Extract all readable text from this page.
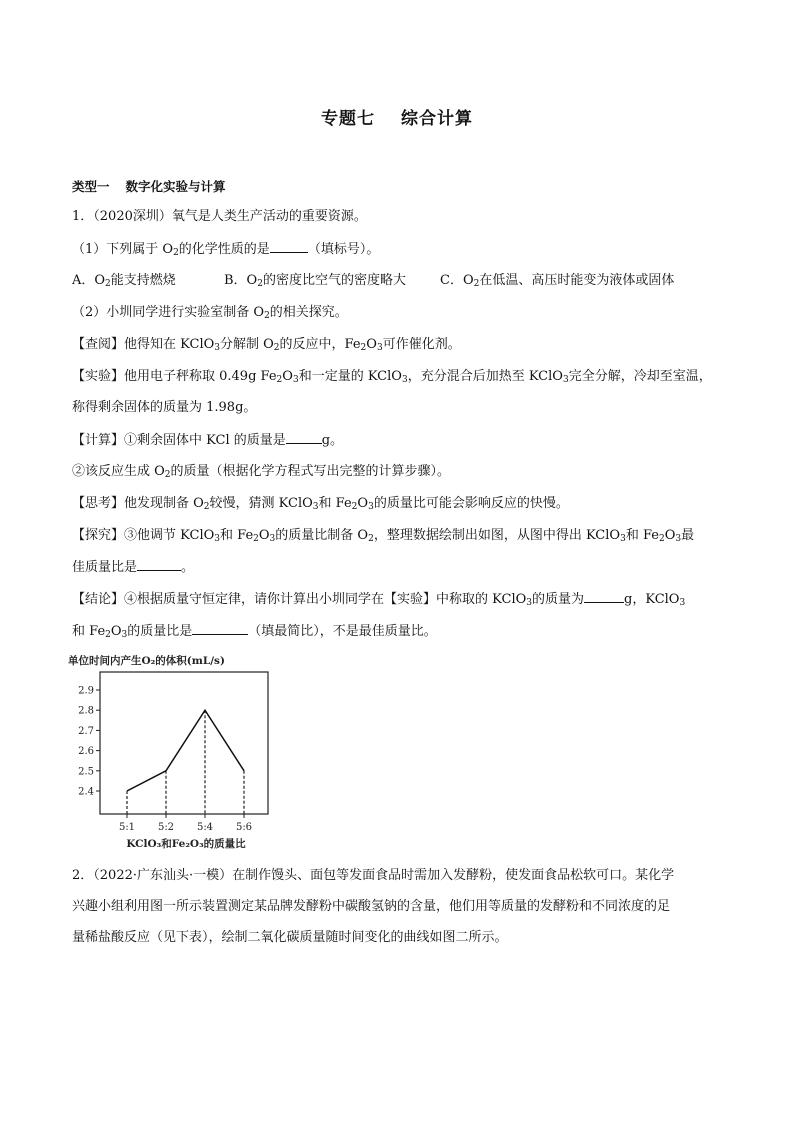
专题七 综合计算
类型一 数字化实验与计算
1．（2020深圳）氧气是人类生产活动的重要资源。
（1）下列属于 $O_2$的化学性质的是	（填标号）。
A．$O_2$能支持燃烧	B．$O_2$的密度比空气的密度略大	C．$O_2$在低温、高压时能变为液体或固体
（2）小圳同学进行实验室制备 $O_2$的相关探究。
【查阅】他得知在 KClO$_3$分解制 $O_2$的反应中，$Fe_2O_3$可作催化剂。
【实验】他用电子秤称取 0.49g $Fe_2O_3$和一定量的 KClO$_3$，充分混合后加热至 KClO$_3$完全分解，冷却至室温，
称得剩余固体的质量为 1.98g。
【计算】①剩余固体中 KCl 的质量是	g。
②该反应生成 $O_2$的质量（根据化学方程式写出完整的计算步骤）。
【思考】他发现制备 $O_2$较慢，猜测 KClO$_3$和 $Fe_2O_3$的质量比可能会影响反应的快慢。
【探究】③他调节 KClO$_3$和 $Fe_2O_3$的质量比制备 $O_2$，整理数据绘制出如图，从图中得出 KClO$_3$和 $Fe_2O_3$最
佳质量比是	。
【结论】④根据质量守恒定律，请你计算出小圳同学在【实验】中称取的 KClO$_3$的质量为	g，KClO$_3$
和 $Fe_2O_3$的质量比是	（填最简比），不是最佳质量比。
单位时间内产生O₂的体积(mL/s)
2.4
2.5
2.6
2.7
2.8
2.9
5:1 5:2 5:4 5:6
KClO₃和Fe₂O₃的质量比
2．（2022·广东汕头·一模）在制作馒头、面包等发面食品时需加入发酵粉，使发面食品松软可口。某化学
兴趣小组利用图一所示装置测定某品牌发酵粉中碳酸氢钠的含量，他们用等质量的发酵粉和不同浓度的足
量稀盐酸反应（见下表），绘制二氧化碳质量随时间变化的曲线如图二所示。
